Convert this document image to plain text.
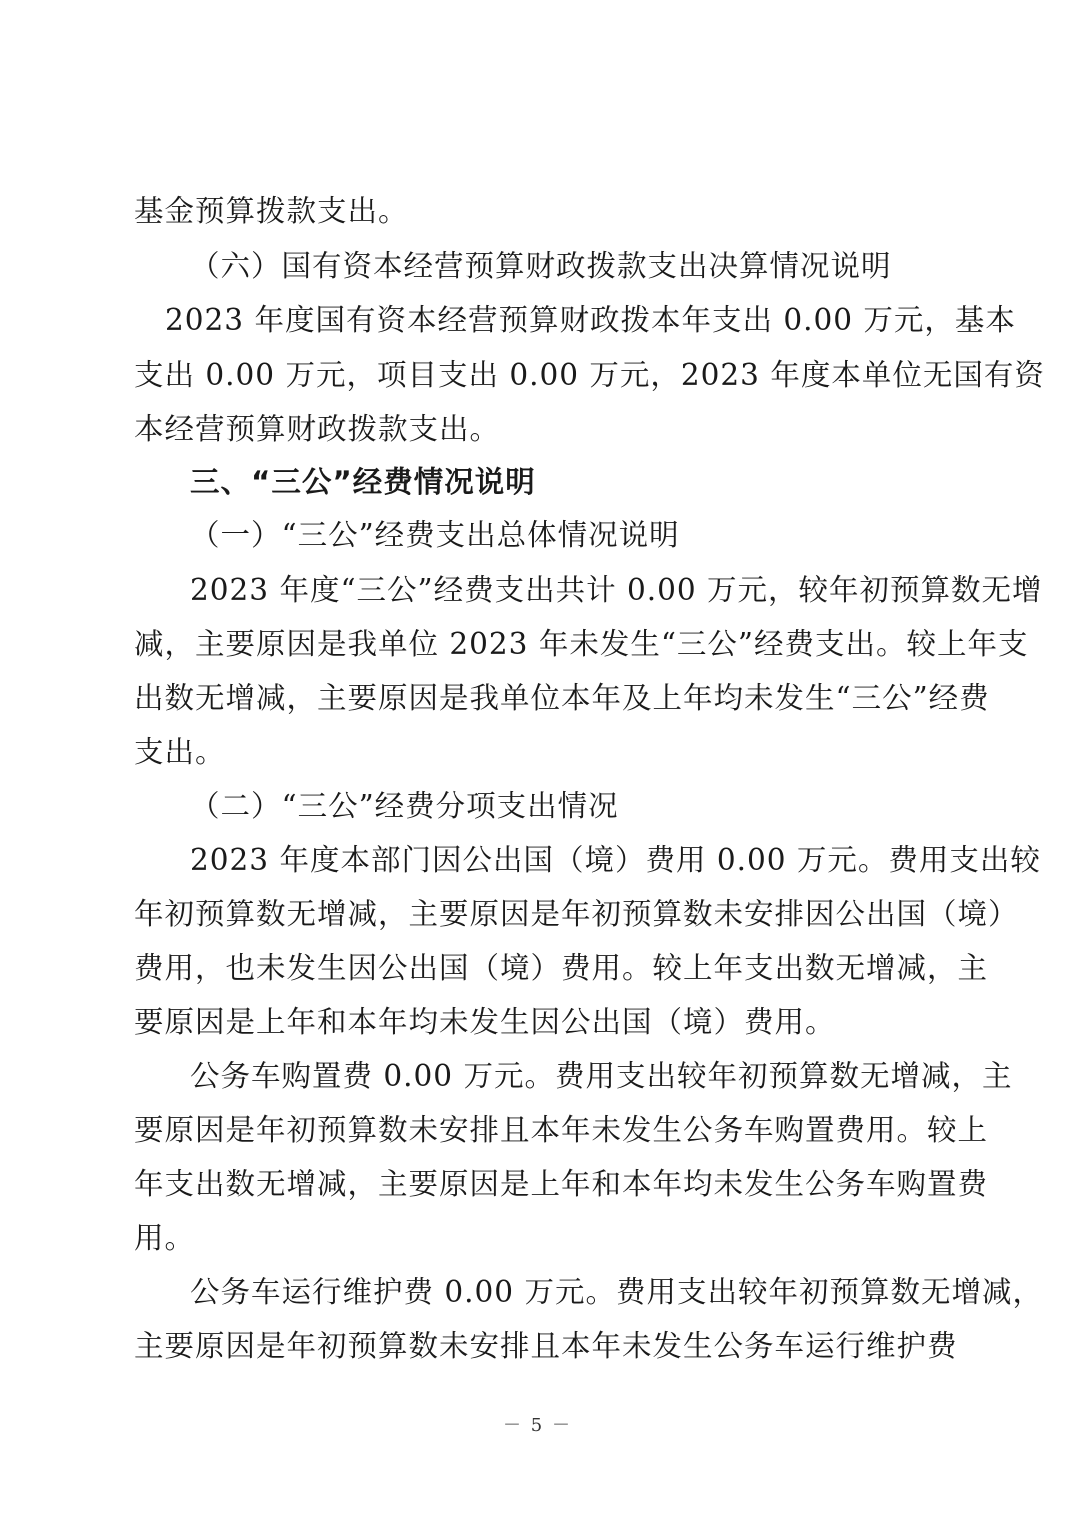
基金预算拨款支出。
（六）国有资本经营预算财政拨款支出决算情况说明
2023 年度国有资本经营预算财政拨本年支出 0.00 万元，基本
支出 0.00 万元，项目支出 0.00 万元，2023 年度本单位无国有资
本经营预算财政拨款支出。
三、“三公”经费情况说明
（一）“三公”经费支出总体情况说明
2023 年度“三公”经费支出共计 0.00 万元，较年初预算数无增
减，主要原因是我单位 2023 年未发生“三公”经费支出。较上年支
出数无增减，主要原因是我单位本年及上年均未发生“三公”经费
支出。
（二）“三公”经费分项支出情况
2023 年度本部门因公出国（境）费用 0.00 万元。费用支出较
年初预算数无增减，主要原因是年初预算数未安排因公出国（境）
费用，也未发生因公出国（境）费用。较上年支出数无增减，主
要原因是上年和本年均未发生因公出国（境）费用。
公务车购置费 0.00 万元。费用支出较年初预算数无增减，主
要原因是年初预算数未安排且本年未发生公务车购置费用。较上
年支出数无增减，主要原因是上年和本年均未发生公务车购置费
用。
公务车运行维护费 0.00 万元。费用支出较年初预算数无增减，
主要原因是年初预算数未安排且本年未发生公务车运行维护费
－ 5 －
